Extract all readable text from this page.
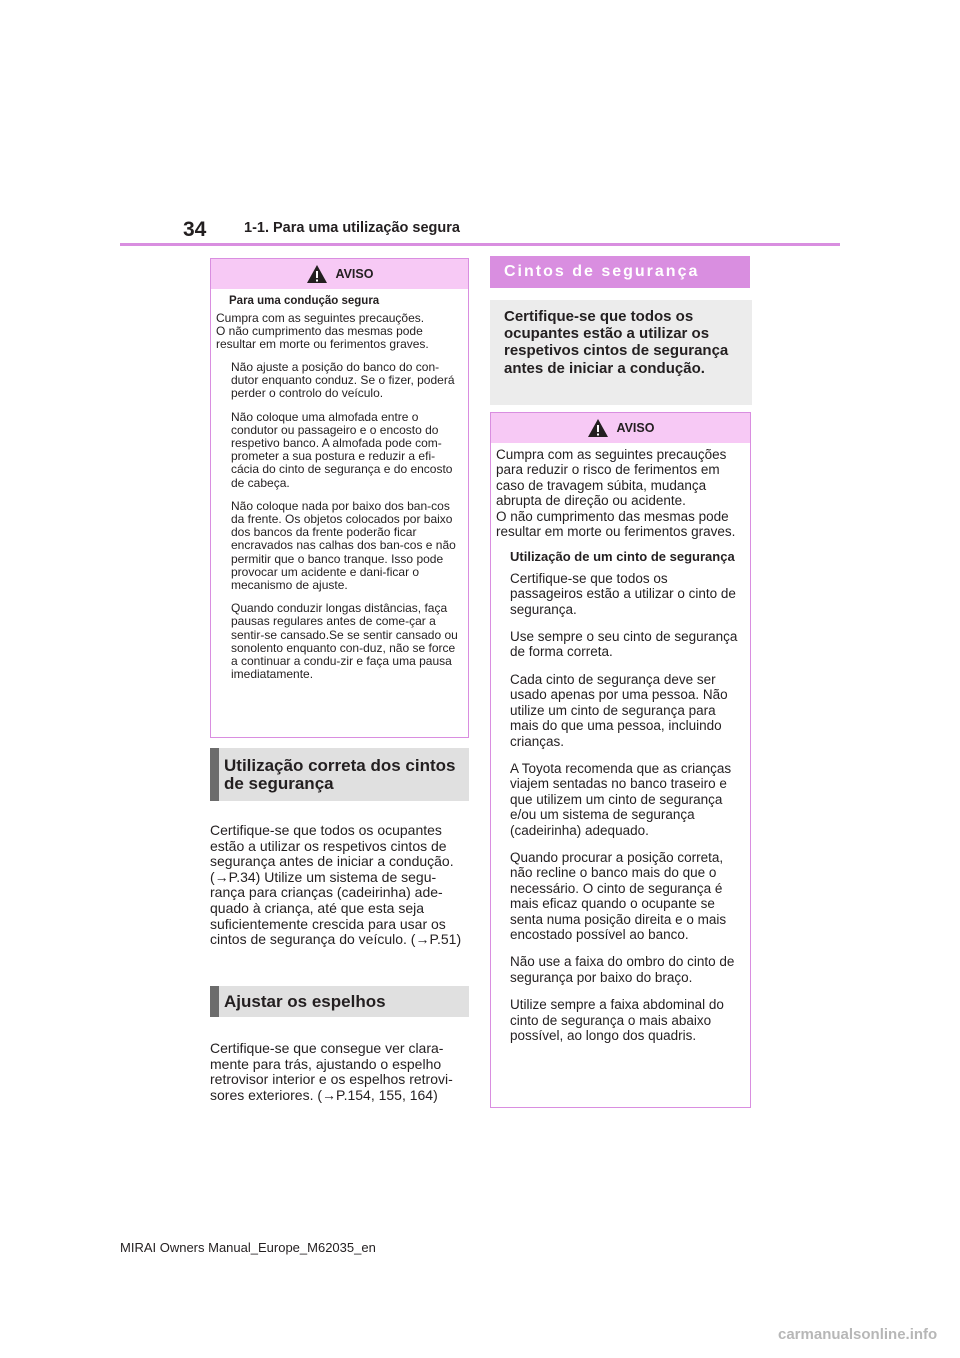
34	1-1. Para uma utilização segura
AVISO
Para uma condução segura
Cumpra com as seguintes precauções.
O não cumprimento das mesmas pode resultar em morte ou ferimentos graves.
Não ajuste a posição do banco do con-dutor enquanto conduz. Se o fizer, poderá perder o controlo do veículo.
Não coloque uma almofada entre o condutor ou passageiro e o encosto do respetivo banco. A almofada pode com-prometer a sua postura e reduzir a efi-cácia do cinto de segurança e do encosto de cabeça.
Não coloque nada por baixo dos ban-cos da frente. Os objetos colocados por baixo dos bancos da frente poderão ficar encravados nas calhas dos ban-cos e não permitir que o banco tranque. Isso pode provocar um acidente e dani-ficar o mecanismo de ajuste.
Quando conduzir longas distâncias, faça pausas regulares antes de come-çar a sentir-se cansado.Se se sentir cansado ou sonolento enquanto con-duz, não se force a continuar a condu-zir e faça uma pausa imediatamente.
Utilização correta dos cintos de segurança
Certifique-se que todos os ocupantes estão a utilizar os respetivos cintos de segurança antes de iniciar a condução. (→P.34) Utilize um sistema de segu-rança para crianças (cadeirinha) ade-quado à criança, até que esta seja suficientemente crescida para usar os cintos de segurança do veículo. (→P.51)
Ajustar os espelhos
Certifique-se que consegue ver clara-mente para trás, ajustando o espelho retrovisor interior e os espelhos retrovi-sores exteriores. (→P.154, 155, 164)
Cintos de segurança
Certifique-se que todos os ocupantes estão a utilizar os respetivos cintos de segurança antes de iniciar a condução.
AVISO
Cumpra com as seguintes precauções para reduzir o risco de ferimentos em caso de travagem súbita, mudança abrupta de direção ou acidente.
O não cumprimento das mesmas pode resultar em morte ou ferimentos graves.
Utilização de um cinto de segurança
Certifique-se que todos os passageiros estão a utilizar o cinto de segurança.
Use sempre o seu cinto de segurança de forma correta.
Cada cinto de segurança deve ser usado apenas por uma pessoa. Não utilize um cinto de segurança para mais do que uma pessoa, incluindo crianças.
A Toyota recomenda que as crianças viajem sentadas no banco traseiro e que utilizem um cinto de segurança e/ou um sistema de segurança (cadeirinha) adequado.
Quando procurar a posição correta, não recline o banco mais do que o necessário. O cinto de segurança é mais eficaz quando o ocupante se senta numa posição direita e o mais encostado possível ao banco.
Não use a faixa do ombro do cinto de segurança por baixo do braço.
Utilize sempre a faixa abdominal do cinto de segurança o mais abaixo possível, ao longo dos quadris.
MIRAI Owners Manual_Europe_M62035_en
carmanualsonline.info
